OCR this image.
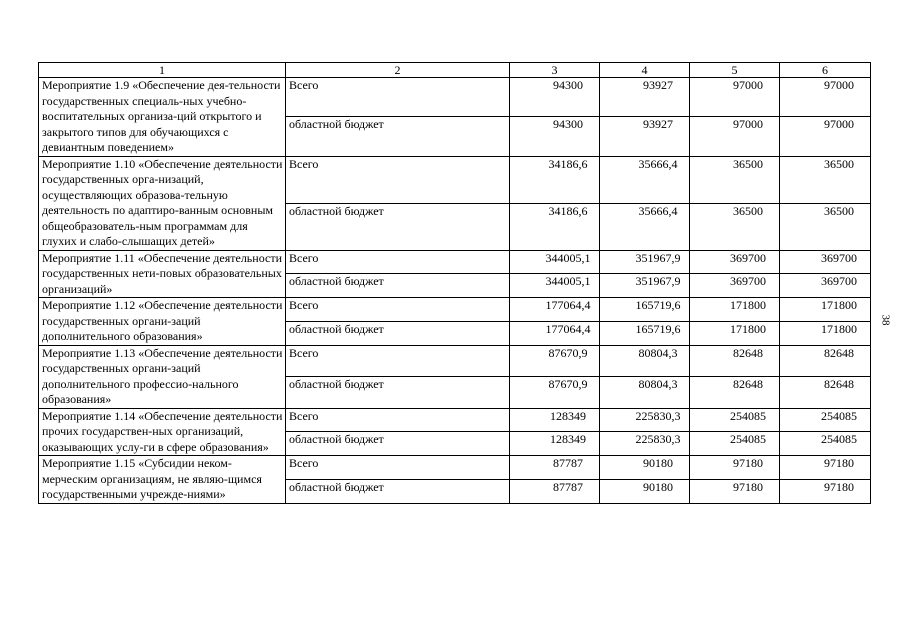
1	2	3	4	5	6
Мероприятие 1.9 «Обеспечение дея-тельности государственных специаль-ных учебно-воспитательных организа-ций открытого и закрытого типов для обучающихся с девиантным поведением»	Всего	94300	93927	97000	97000
	областной бюджет	94300	93927	97000	97000
Мероприятие 1.10 «Обеспечение деятельности государственных орга-низаций, осуществляющих образова-тельную деятельность по адаптиро-ванным основным общеобразователь-ным программам для глухих и слабо-слышащих детей»	Всего	34186,6	35666,4	36500	36500
	областной бюджет	34186,6	35666,4	36500	36500
Мероприятие 1.11 «Обеспечение деятельности государственных нети-повых образовательных организаций»	Всего	344005,1	351967,9	369700	369700
	областной бюджет	344005,1	351967,9	369700	369700
Мероприятие 1.12 «Обеспечение деятельности государственных органи-заций дополнительного образования»	Всего	177064,4	165719,6	171800	171800
	областной бюджет	177064,4	165719,6	171800	171800
Мероприятие 1.13 «Обеспечение деятельности государственных органи-заций дополнительного профессио-нального образования»	Всего	87670,9	80804,3	82648	82648
	областной бюджет	87670,9	80804,3	82648	82648
Мероприятие 1.14 «Обеспечение деятельности прочих государствен-ных организаций, оказывающих услу-ги в сфере образования»	Всего	128349	225830,3	254085	254085
	областной бюджет	128349	225830,3	254085	254085
Мероприятие 1.15 «Субсидии неком-мерческим организациям, не являю-щимся государственными учрежде-ниями»	Всего	87787	90180	97180	97180
	областной бюджет	87787	90180	97180	97180
38
